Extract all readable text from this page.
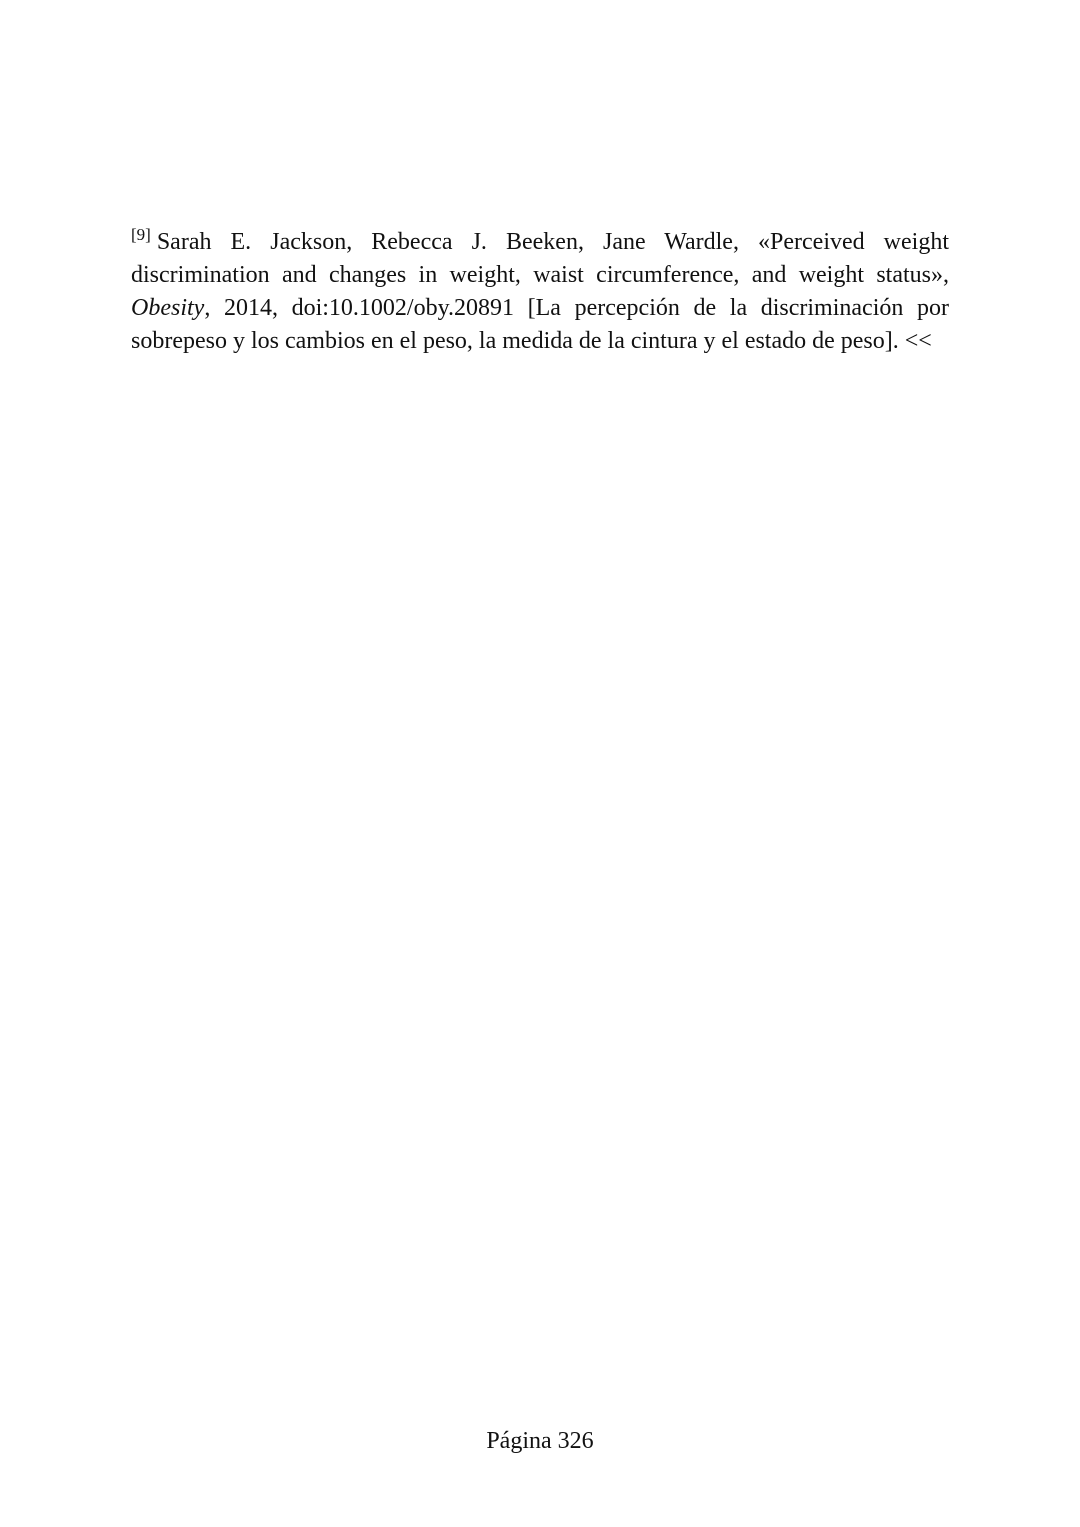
[9] Sarah E. Jackson, Rebecca J. Beeken, Jane Wardle, «Perceived weight discrimination and changes in weight, waist circumference, and weight status», Obesity, 2014, doi:10.1002/oby.20891 [La percepción de la discriminación por sobrepeso y los cambios en el peso, la medida de la cintura y el estado de peso]. <<

Página 326
